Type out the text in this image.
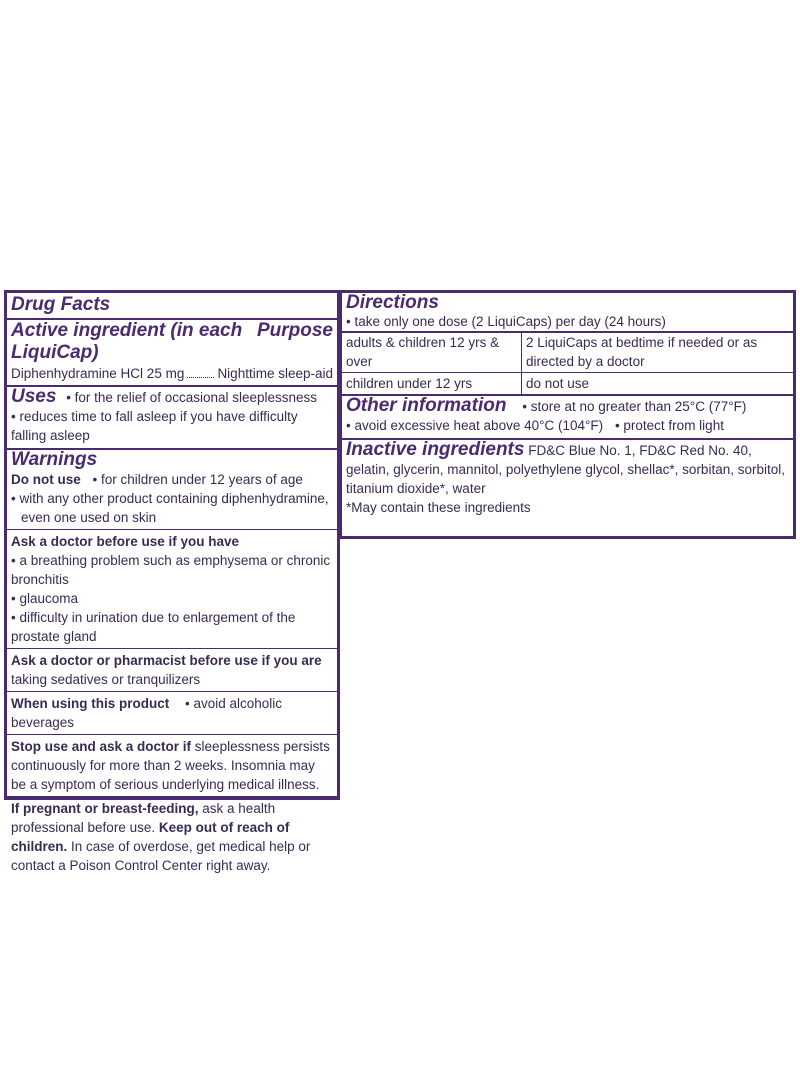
Drug Facts
Active ingredient (in each LiquiCap)
Purpose
Diphenhydramine HCl 25 mg Nighttime sleep-aid
Uses • for the relief of occasional sleeplessness
• reduces time to fall asleep if you have difficulty falling asleep
Warnings
Do not use • for children under 12 years of age
• with any other product containing diphenhydramine, even one used on skin
Ask a doctor before use if you have
• a breathing problem such as emphysema or chronic bronchitis
• glaucoma
• difficulty in urination due to enlargement of the prostate gland
Ask a doctor or pharmacist before use if you are taking sedatives or tranquilizers
When using this product • avoid alcoholic beverages
Stop use and ask a doctor if sleeplessness persists continuously for more than 2 weeks. Insomnia may be a symptom of serious underlying medical illness.
If pregnant or breast-feeding, ask a health professional before use. Keep out of reach of children. In case of overdose, get medical help or contact a Poison Control Center right away.
Directions
• take only one dose (2 LiquiCaps) per day (24 hours)
adults & children 12 yrs & over	2 LiquiCaps at bedtime if needed or as directed by a doctor
children under 12 yrs	do not use
Other information • store at no greater than 25°C (77°F)
• avoid excessive heat above 40°C (104°F) • protect from light
Inactive ingredients FD&C Blue No. 1, FD&C Red No. 40, gelatin, glycerin, mannitol, polyethylene glycol, shellac*, sorbitan, sorbitol, titanium dioxide*, water
*May contain these ingredients
